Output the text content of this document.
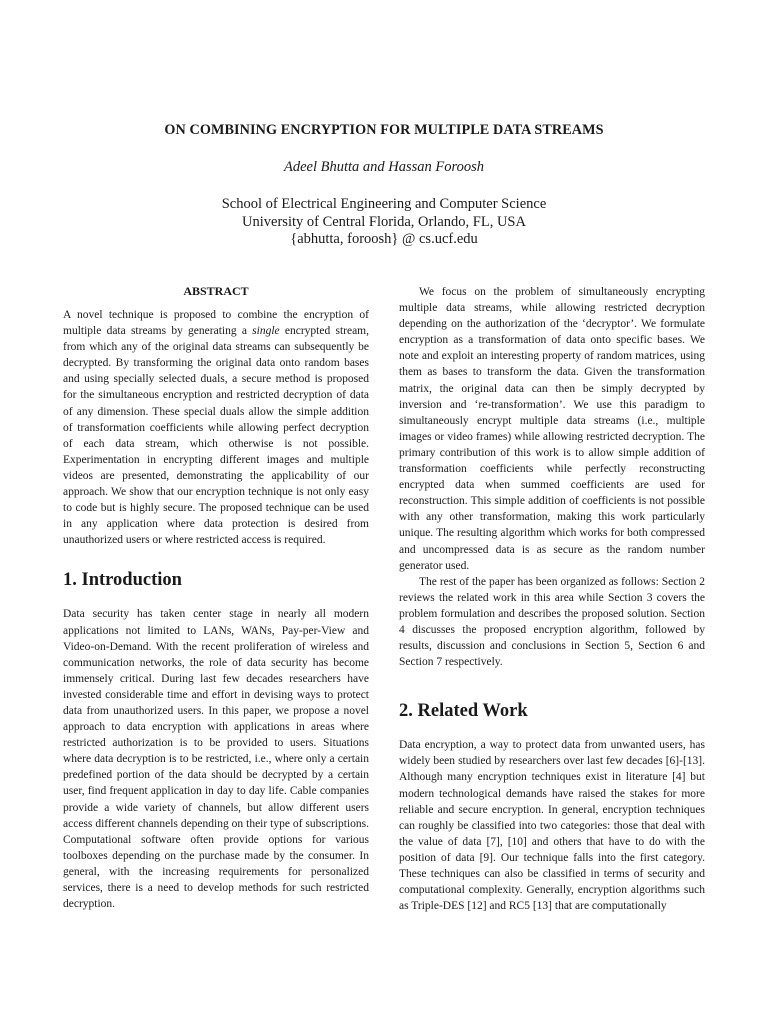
ON COMBINING ENCRYPTION FOR MULTIPLE DATA STREAMS
Adeel Bhutta and Hassan Foroosh
School of Electrical Engineering and Computer Science
University of Central Florida, Orlando, FL, USA
{abhutta, foroosh} @ cs.ucf.edu
ABSTRACT

A novel technique is proposed to combine the encryption of multiple data streams by generating a single encrypted stream, from which any of the original data streams can subsequently be decrypted. By transforming the original data onto random bases and using specially selected duals, a secure method is proposed for the simultaneous encryption and restricted decryption of data of any dimension. These special duals allow the simple addition of transformation coefficients while allowing perfect decryption of each data stream, which otherwise is not possible. Experimentation in encrypting different images and multiple videos are presented, demonstrating the applicability of our approach. We show that our encryption technique is not only easy to code but is highly secure. The proposed technique can be used in any application where data protection is desired from unauthorized users or where restricted access is required.

1. Introduction

Data security has taken center stage in nearly all modern applications not limited to LANs, WANs, Pay-per-View and Video-on-Demand. With the recent proliferation of wireless and communication networks, the role of data security has become immensely critical. During last few decades researchers have invested considerable time and effort in devising ways to protect data from unauthorized users. In this paper, we propose a novel approach to data encryption with applications in areas where restricted authorization is to be provided to users. Situations where data decryption is to be restricted, i.e., where only a certain predefined portion of the data should be decrypted by a certain user, find frequent application in day to day life. Cable companies provide a wide variety of channels, but allow different users access different channels depending on their type of subscriptions. Computational software often provide options for various toolboxes depending on the purchase made by the consumer. In general, with the increasing requirements for personalized services, there is a need to develop methods for such restricted decryption.

We focus on the problem of simultaneously encrypting multiple data streams, while allowing restricted decryption depending on the authorization of the ‘decryptor’. We formulate encryption as a transformation of data onto specific bases. We note and exploit an interesting property of random matrices, using them as bases to transform the data. Given the transformation matrix, the original data can then be simply decrypted by inversion and ‘re-transformation’. We use this paradigm to simultaneously encrypt multiple data streams (i.e., multiple images or video frames) while allowing restricted decryption. The primary contribution of this work is to allow simple addition of transformation coefficients while perfectly reconstructing encrypted data when summed coefficients are used for reconstruction. This simple addition of coefficients is not possible with any other transformation, making this work particularly unique. The resulting algorithm which works for both compressed and uncompressed data is as secure as the random number generator used.

The rest of the paper has been organized as follows: Section 2 reviews the related work in this area while Section 3 covers the problem formulation and describes the proposed solution. Section 4 discusses the proposed encryption algorithm, followed by results, discussion and conclusions in Section 5, Section 6 and Section 7 respectively.

2. Related Work

Data encryption, a way to protect data from unwanted users, has widely been studied by researchers over last few decades [6]-[13]. Although many encryption techniques exist in literature [4] but modern technological demands have raised the stakes for more reliable and secure encryption. In general, encryption techniques can roughly be classified into two categories: those that deal with the value of data [7], [10] and others that have to do with the position of data [9]. Our technique falls into the first category. These techniques can also be classified in terms of security and computational complexity. Generally, encryption algorithms such as Triple-DES [12] and RC5 [13] that are computationally
